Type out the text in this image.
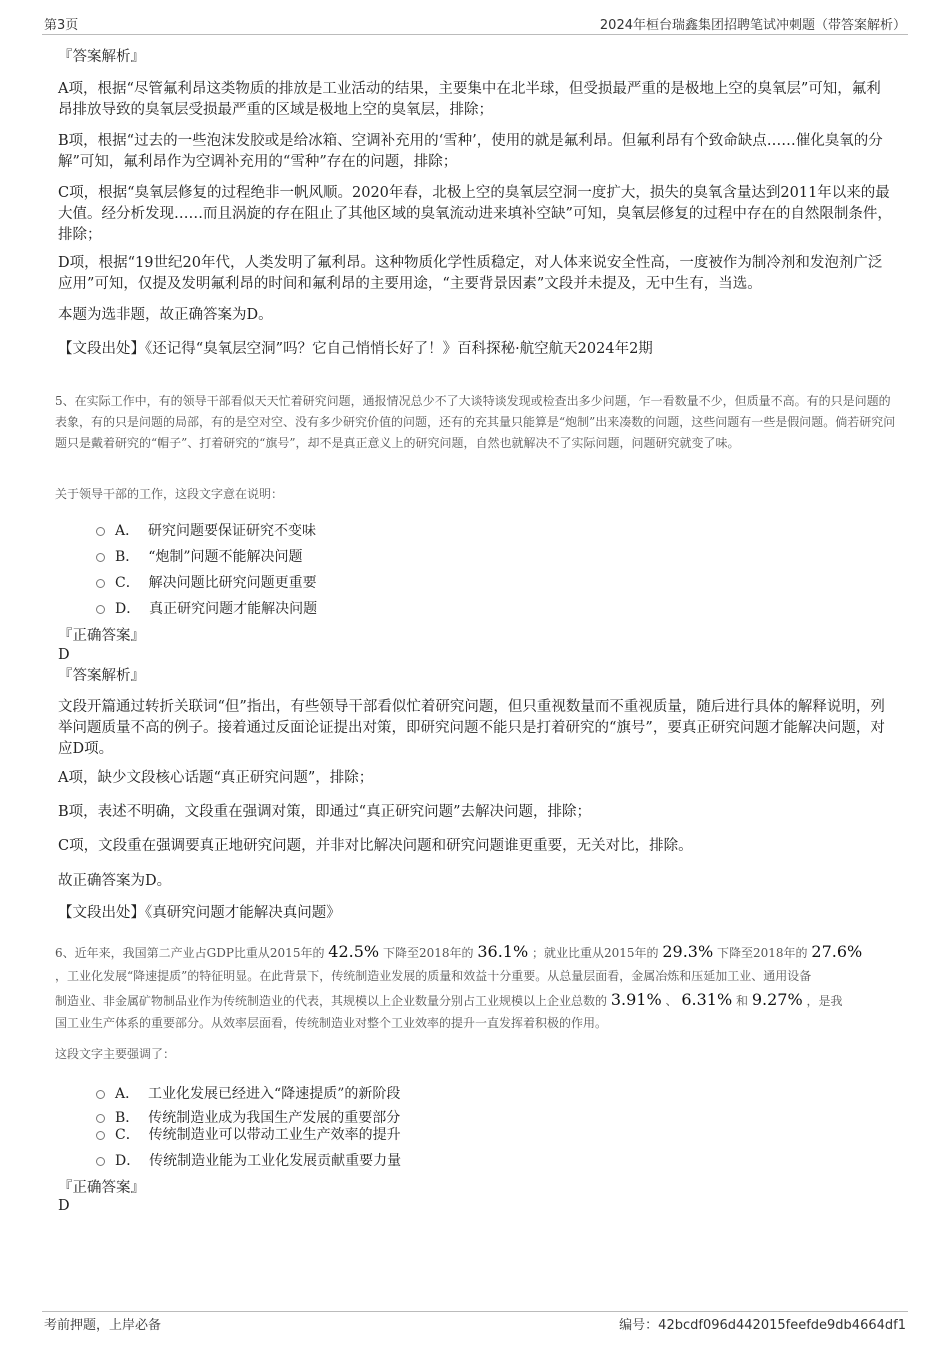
第3页	2024年桓台瑞鑫集团招聘笔试冲刺题（带答案解析）
『答案解析』
A项，根据“尽管氟利昂这类物质的排放是工业活动的结果，主要集中在北半球，但受损最严重的是极地上空的臭氧层”可知，氟利昂排放导致的臭氧层受损最严重的区域是极地上空的臭氧层，排除；
B项，根据“过去的一些泡沫发胶或是给冰箱、空调补充用的‘雪种’，使用的就是氟利昂。但氟利昂有个致命缺点……催化臭氧的分解”可知，氟利昂作为空调补充用的“雪种”存在的问题，排除；
C项，根据“臭氧层修复的过程绝非一帆风顺。2020年春，北极上空的臭氧层空洞一度扩大，损失的臭氧含量达到2011年以来的最大值。经分析发现……而且涡旋的存在阻止了其他区域的臭氧流动进来填补空缺”可知，臭氧层修复的过程中存在的自然限制条件，排除；
D项，根据“19世纪20年代，人类发明了氟利昂。这种物质化学性质稳定，对人体来说安全性高，一度被作为制冷剂和发泡剂广泛应用”可知，仅提及发明氟利昂的时间和氟利昂的主要用途，“主要背景因素”文段并未提及，无中生有，当选。
本题为选非题，故正确答案为D。
【文段出处】《还记得“臭氧层空洞”吗？它自己悄悄长好了！》百科探秘·航空航天2024年2期
5、在实际工作中，有的领导干部看似天天忙着研究问题，通报情况总少不了大谈特谈发现或检查出多少问题，乍一看数量不少，但质量不高。有的只是问题的表象，有的只是问题的局部，有的是空对空、没有多少研究价值的问题，还有的充其量只能算是“炮制”出来凑数的问题，这些问题有一些是假问题。倘若研究问题只是戴着研究的“帽子”、打着研究的“旗号”，却不是真正意义上的研究问题，自然也就解决不了实际问题，问题研究就变了味。
关于领导干部的工作，这段文字意在说明：
A． 研究问题要保证研究不变味
B． “炮制”问题不能解决问题
C． 解决问题比研究问题更重要
D． 真正研究问题才能解决问题
『正确答案』
D
『答案解析』
文段开篇通过转折关联词“但”指出，有些领导干部看似忙着研究问题，但只重视数量而不重视质量，随后进行具体的解释说明，列举问题质量不高的例子。接着通过反面论证提出对策，即研究问题不能只是打着研究的“旗号”，要真正研究问题才能解决问题，对应D项。
A项，缺少文段核心话题“真正研究问题”，排除；
B项，表述不明确，文段重在强调对策，即通过“真正研究问题”去解决问题，排除；
C项，文段重在强调要真正地研究问题，并非对比解决问题和研究问题谁更重要，无关对比，排除。
故正确答案为D。
【文段出处】《真研究问题才能解决真问题》
6、近年来，我国第二产业占GDP比重从2015年的 42.5% 下降至2018年的 36.1% ；就业比重从2015年的 29.3% 下降至2018年的 27.6%
，工业化发展“降速提质”的特征明显。在此背景下，传统制造业发展的质量和效益十分重要。从总量层面看，金属冶炼和压延加工业、通用设备
制造业、非金属矿物制品业作为传统制造业的代表，其规模以上企业数量分别占工业规模以上企业总数的 3.91% 、 6.31% 和 9.27% ，是我
国工业生产体系的重要部分。从效率层面看，传统制造业对整个工业效率的提升一直发挥着积极的作用。
这段文字主要强调了：
A． 工业化发展已经进入“降速提质”的新阶段
B． 传统制造业成为我国生产发展的重要部分
C． 传统制造业可以带动工业生产效率的提升
D． 传统制造业能为工业化发展贡献重要力量
『正确答案』
D
考前押题，上岸必备	编号：42bcdf096d442015feefde9db4664df1
